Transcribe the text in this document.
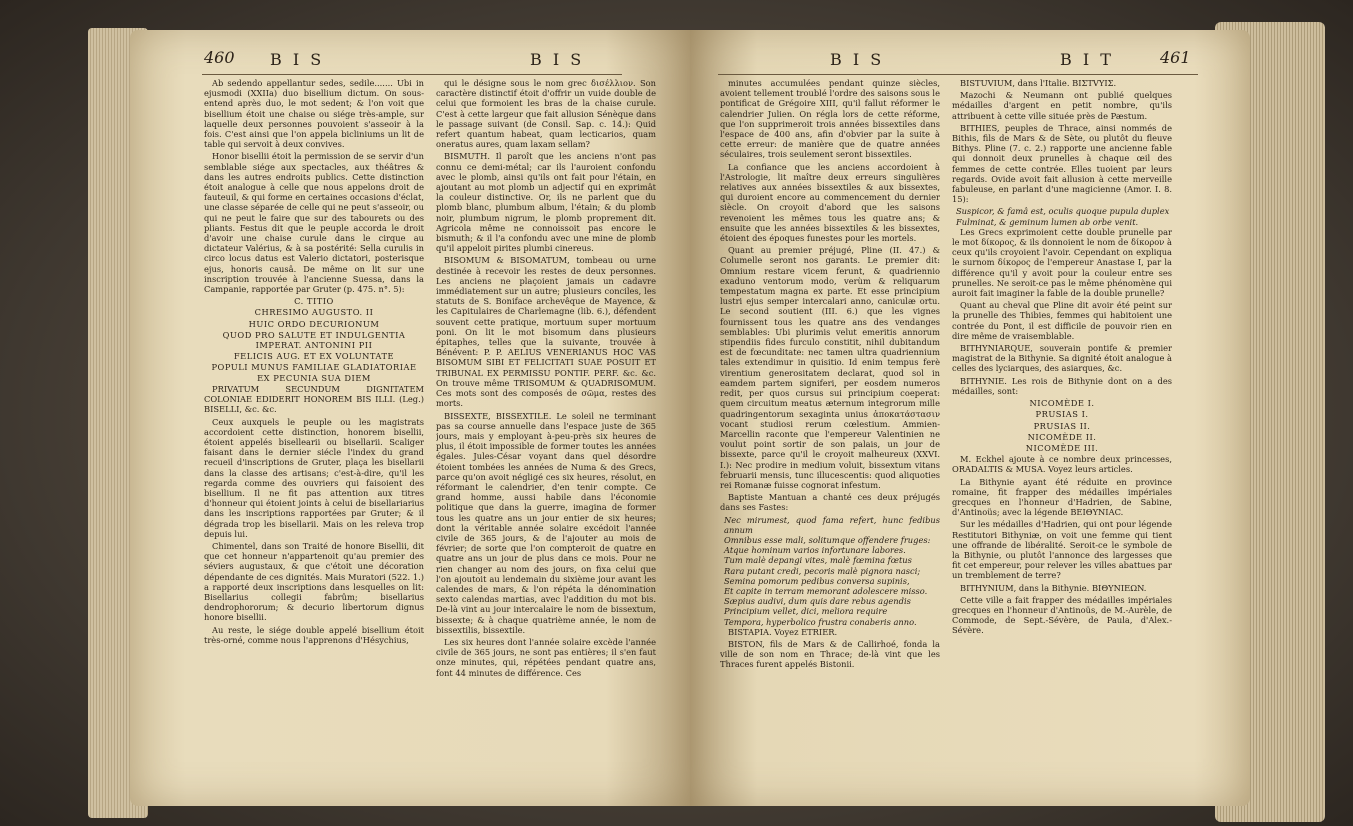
460 B I S	B I S

Ab sedendo appellantur sedes, sedile....... Ubi in ejusmodi (XXIIa) duo bisellium dictum. On sous-entend après duo, le mot sedent; & l'on voit que bisellium étoit une chaise ou siége très-ample, sur laquelle deux personnes pouvoient s'asseoir à la fois. C'est ainsi que l'on appela bicliniums un lit de table qui servoit à deux convives.

Honor bisellii étoit la permission de se servir d'un semblable siége aux spectacles, aux théâtres & dans les autres endroits publics. Cette distinction étoit analogue à celle que nous appelons droit de fauteuil, & qui forme en certaines occasions d'éclat, une classe séparée de celle qui ne peut s'asseoir, ou qui ne peut le faire que sur des tabourets ou des pliants. Festus dit que le peuple accorda le droit d'avoir une chaise curule dans le cirque au dictateur Valérius, & à sa postérité: Sella curulis in circo locus datus est Valerio dictatori, posterisque ejus, honoris causâ. De même on lit sur une inscription trouvée à l'ancienne Suessa, dans la Campanie, rapportée par Gruter (p. 475. n°. 5):

C. TITIO

CHRESIMO AUGUSTO. II

HUIC ORDO DECURIONUM

QUOD PRO SALUTE ET INDULGENTIA IMPERAT. ANTONINI PII

FELICIS AUG. ET EX VOLUNTATE

POPULI MUNUS FAMILIAE GLADIATORIAE EX PECUNIA SUA DIEM

PRIVATUM SECUNDUM DIGNITATEM COLONIAE EDIDERIT HONOREM BIS ILLI. (Leg.) BISELLI, &c. &c.

Ceux auxquels le peuple ou les magistrats accordoient cette distinction, honorem bisellii, étoient appelés bisellearii ou bisellarii. Scaliger faisant dans le dernier siécle l'index du grand recueil d'inscriptions de Gruter, plaça les bisellarii dans la classe des artisans; c'est-à-dire, qu'il les regarda comme des ouvriers qui faisoient des bisellium. Il ne fit pas attention aux titres d'honneur qui étoient joints à celui de bisellariarius dans les inscriptions rapportées par Gruter; & il dégrada trop les bisellarii. Mais on les releva trop depuis lui.

Chimentel, dans son Traité de honore Bisellii, dit que cet honneur n'appartenoit qu'au premier des séviers augustaux, & que c'étoit une décoration dépendante de ces dignités. Mais Muratori (522. 1.) a rapporté deux inscriptions dans lesquelles on lit: Bisellarius collegii fabrûm; bisellarius dendrophororum; & decurio libertorum dignus honore bisellii.

Au reste, le siége double appelé bisellium étoit très-orné, comme nous l'apprenons d'Hésychius,

qui le désigne sous le nom grec δισέλλιον. Son caractère distinctif étoit d'offrir un vuide double de celui que formoient les bras de la chaise curule. C'est à cette largeur que fait allusion Sénèque dans le passage suivant (de Consil. Sap. c. 14.): Quid refert quantum habeat, quam lecticarios, quam oneratus aures, quam laxam sellam?

BISMUTH. Il paroît que les anciens n'ont pas connu ce demi-métal; car ils l'auroient confondu avec le plomb, ainsi qu'ils ont fait pour l'étain, en ajoutant au mot plomb un adjectif qui en exprimât la couleur distinctive. Or, ils ne parlent que du plomb blanc, plumbum album, l'étain; & du plomb noir, plumbum nigrum, le plomb proprement dit. Agricola même ne connoissoit pas encore le bismuth; & il l'a confondu avec une mine de plomb qu'il appeloit pirites plumbi cinereus.

BISOMUM & BISOMATUM, tombeau ou urne destinée à recevoir les restes de deux personnes. Les anciens ne plaçoient jamais un cadavre immédiatement sur un autre; plusieurs conciles, les statuts de S. Boniface archevêque de Mayence, & les Capitulaires de Charlemagne (lib. 6.), défendent souvent cette pratique, mortuum super mortuum poni. On lit le mot bisomum dans plusieurs épitaphes, telles que la suivante, trouvée à Bénévent: P. P. AELIUS VENERIANUS HOC VAS BISOMUM SIBI ET FELICITATI SUAE POSUIT ET TRIBUNAL EX PERMISSU PONTIF. PERF. &c. &c. On trouve même TRISOMUM & QUADRISOMUM. Ces mots sont des composés de σῶμα, restes des morts.

BISSEXTE, BISSEXTILE. Le soleil ne terminant pas sa course annuelle dans l'espace juste de 365 jours, mais y employant à-peu-près six heures de plus, il étoit impossible de former toutes les années égales. Jules-César voyant dans quel désordre étoient tombées les années de Numa & des Grecs, parce qu'on avoit négligé ces six heures, résolut, en réformant le calendrier, d'en tenir compte. Ce grand homme, aussi habile dans l'économie politique que dans la guerre, imagina de former tous les quatre ans un jour entier de six heures; dont la véritable année solaire excédoit l'année civile de 365 jours, & de l'ajouter au mois de février; de sorte que l'on compteroit de quatre en quatre ans un jour de plus dans ce mois. Pour ne rien changer au nom des jours, on fixa celui que l'on ajoutoit au lendemain du sixième jour avant les calendes de mars, & l'on répéta la dénomination sexto calendas martias, avec l'addition du mot bis. De-là vint au jour intercalaire le nom de bissextum, bissexte; & à chaque quatrième année, le nom de bissextilis, bissextile.

Les six heures dont l'année solaire excède l'année civile de 365 jours, ne sont pas entières; il s'en faut onze minutes, qui, répétées pendant quatre ans, font 44 minutes de différence. Ces

B I S	B I T	461

minutes accumulées pendant quinze siècles, avoient tellement troublé l'ordre des saisons sous le pontificat de Grégoire XIII, qu'il fallut réformer le calendrier Julien. On régla lors de cette réforme, que l'on supprimeroit trois années bissextiles dans l'espace de 400 ans, afin d'obvier par la suite à cette erreur: de manière que de quatre années séculaires, trois seulement seront bissextiles.

La confiance que les anciens accordoient à l'Astrologie, lit maître deux erreurs singulières relatives aux années bissextiles & aux bissextes, qui duroient encore au commencement du dernier siècle. On croyoit d'abord que les saisons revenoient les mêmes tous les quatre ans; & ensuite que les années bissextiles & les bissextes, étoient des époques funestes pour les mortels.

Quant au premier préjugé, Pline (II. 47.) & Columelle seront nos garants. Le premier dit: Omnium restare vicem ferunt, & quadriennio exaduno ventorum modo, verùm & reliquarum tempestatum magna ex parte. Et esse principium lustri ejus semper intercalari anno, caniculæ ortu. Le second soutient (III. 6.) que les vignes fournissent tous les quatre ans des vendanges semblables: Ubi plurimis velut emeritis annorum stipendiis fides furculo constitit, nihil dubitandum est de fœcunditate: nec tamen ultra quadriennium tales extendimur in quisitio. Id enim tempus ferè virentium generositatem declarat, quod sol in eamdem partem signiferi, per eosdem numeros redit, per quos cursus sui principium coeperat: quem circuitum meatus æternum integrorum mille quadringentorum sexaginta unius ἀποκατάστασιν vocant studiosi rerum cœlestium. Ammien-Marcellin raconte que l'empereur Valentinien ne voulut point sortir de son palais, un jour de bissexte, parce qu'il le croyoit malheureux (XXVI. I.): Nec prodire in medium voluit, bissextum vitans februarii mensis, tunc illucescentis: quod aliquoties rei Romanæ fuisse cognorat infestum.

Baptiste Mantuan a chanté ces deux préjugés dans ses Fastes:

Nec mirumest, quod fama refert, hunc fedibus annum

Omnibus esse mali, solitumque offendere fruges:

Atque hominum varios infortunare labores.

Tum malè depangi vites, malè fœmina fœtus

Rara putant credi, pecoris malè pignora nasci;

Semina pomorum pedibus conversa supinis,

Et capite in terram memorant adolescere misso.

Sæpius audivi, dum quis dare rebus agendis

Principium vellet, dici, meliora require

Tempora, hyperbolico frustra conaberis anno.

BISTAPIA. Voyez ETRIER.

BISTON, fils de Mars & de Callirhoé, fonda la ville de son nom en Thrace; de-là vint que les Thraces furent appelés Bistonii.

BISTUVIUM, dans l'Italie. BIΣTVYIΣ.

Mazochi & Neumann ont publié quelques médailles d'argent en petit nombre, qu'ils attribuent à cette ville située près de Pæstum.

BITHIES, peuples de Thrace, ainsi nommés de Bithis, fils de Mars & de Sète, ou plutôt du fleuve Bithys. Pline (7. c. 2.) rapporte une ancienne fable qui donnoit deux prunelles à chaque œil des femmes de cette contrée. Elles tuoient par leurs regards. Ovide avoit fait allusion à cette merveille fabuleuse, en parlant d'une magicienne (Amor. I. 8. 15):

Suspicor, & famâ est, oculis quoque pupula duplex

Fulminat, & geminum lumen ab orbe venit.

Les Grecs exprimoient cette double prunelle par le mot δίκορος, & ils donnoient le nom de δίκορον à ceux qu'ils croyoient l'avoir. Cependant on expliqua le surnom δίκορος de l'empereur Anastase I, par la différence qu'il y avoit pour la couleur entre ses prunelles. Ne seroit-ce pas le même phénomène qui auroit fait imaginer la fable de la double prunelle?

Quant au cheval que Pline dit avoir été peint sur la prunelle des Thibies, femmes qui habitoient une contrée du Pont, il est difficile de pouvoir rien en dire même de vraisemblable.

BITHYNIARQUE, souverain pontife & premier magistrat de la Bithynie. Sa dignité étoit analogue à celles des lyciarques, des asiarques, &c.

BITHYNIE. Les rois de Bithynie dont on a des médailles, sont:

NICOMÈDE I.

PRUSIAS I.

PRUSIAS II.

NICOMÈDE II.

NICOMÈDE III.

M. Eckhel ajoute à ce nombre deux princesses, ORADALTIS & MUSA. Voyez leurs articles.

La Bithynie ayant été réduite en province romaine, fit frapper des médailles impériales grecques en l'honneur d'Hadrien, de Sabine, d'Antinoüs; avec la légende BEIΘYNIAC.

Sur les médailles d'Hadrien, qui ont pour légende Restitutori Bithyniæ, on voit une femme qui tient une offrande de libéralité. Seroit-ce le symbole de la Bithynie, ou plutôt l'annonce des largesses que fit cet empereur, pour relever les villes abattues par un tremblement de terre?

BITHYNIUM, dans la Bithynie. BIΘYNIEΩN.

Cette ville a fait frapper des médailles impériales grecques en l'honneur d'Antinoüs, de M.-Aurèle, de Commode, de Sept.-Sévère, de Paula, d'Alex.-Sévère.
